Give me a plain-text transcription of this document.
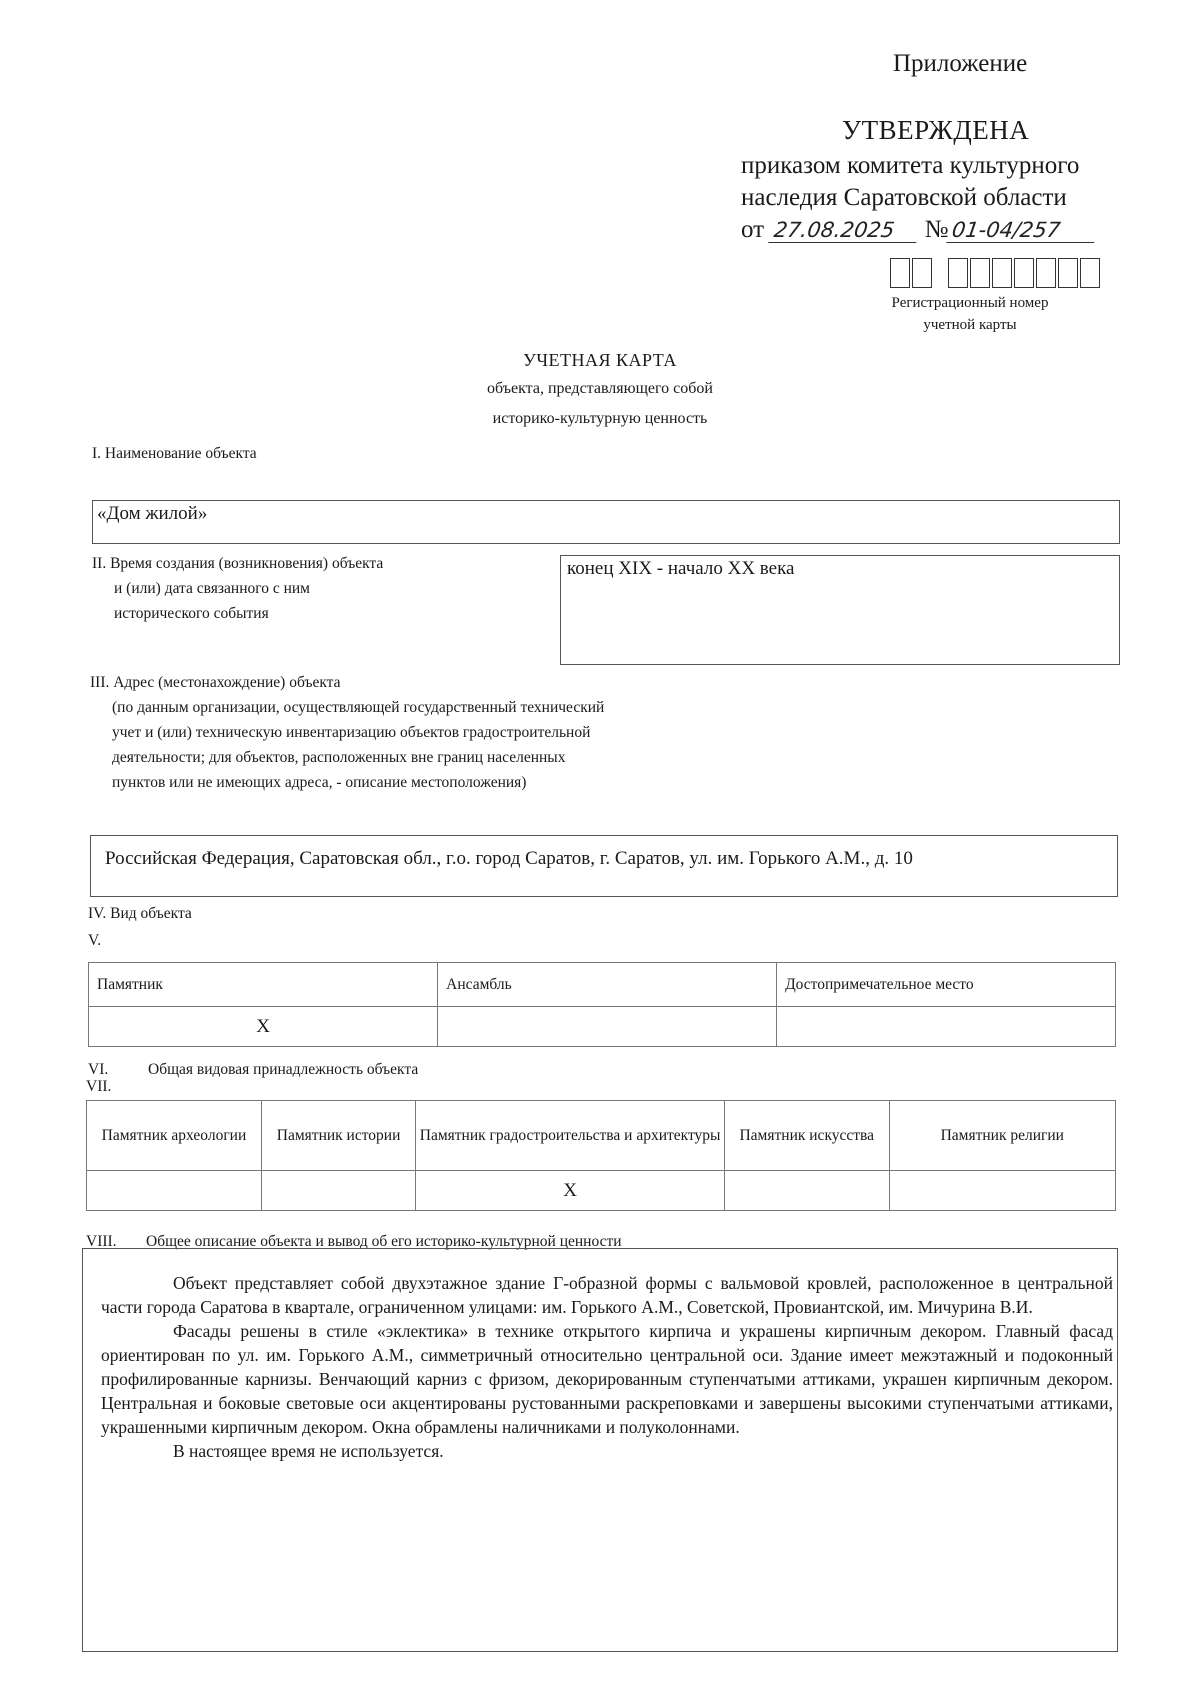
Приложение
УТВЕРЖДЕНА
приказом комитета культурного
наследия Саратовской области
от 27.08.2025 № 01-04/257
Регистрационный номер
учетной карты
УЧЕТНАЯ КАРТА
объекта, представляющего собой
историко-культурную ценность
I. Наименование объекта
«Дом жилой»
II. Время создания (возникновения) объекта
и (или) дата связанного с ним
исторического события
конец XIX - начало XX века
III. Адрес (местонахождение) объекта
(по данным организации, осуществляющей государственный технический
учет и (или) техническую инвентаризацию объектов градостроительной
деятельности; для объектов, расположенных вне границ населенных
пунктов или не имеющих адреса, - описание местоположения)
Российская Федерация, Саратовская обл., г.о. город Саратов, г. Саратов, ул. им. Горького А.М., д. 10
IV. Вид объекта
V.
Памятник	Ансамбль	Достопримечательное место
X		
VI.	Общая видовая принадлежность объекта
VII.
Памятник археологии	Памятник истории	Памятник градостроительства и архитектуры	Памятник искусства	Памятник религии
		X		
VIII. Общее описание объекта и вывод об его историко-культурной ценности

Объект представляет собой двухэтажное здание Г-образной формы с вальмовой кровлей, расположенное в центральной части города Саратова в квартале, ограниченном улицами: им. Горького А.М., Советской, Провиантской, им. Мичурина В.И.

Фасады решены в стиле «эклектика» в технике открытого кирпича и украшены кирпичным декором. Главный фасад ориентирован по ул. им. Горького А.М., симметричный относительно центральной оси. Здание имеет межэтажный и подоконный профилированные карнизы. Венчающий карниз с фризом, декорированным ступенчатыми аттиками, украшен кирпичным декором. Центральная и боковые световые оси акцентированы рустованными раскреповками и завершены высокими ступенчатыми аттиками, украшенными кирпичным декором. Окна обрамлены наличниками и полуколоннами.

В настоящее время не используется.
